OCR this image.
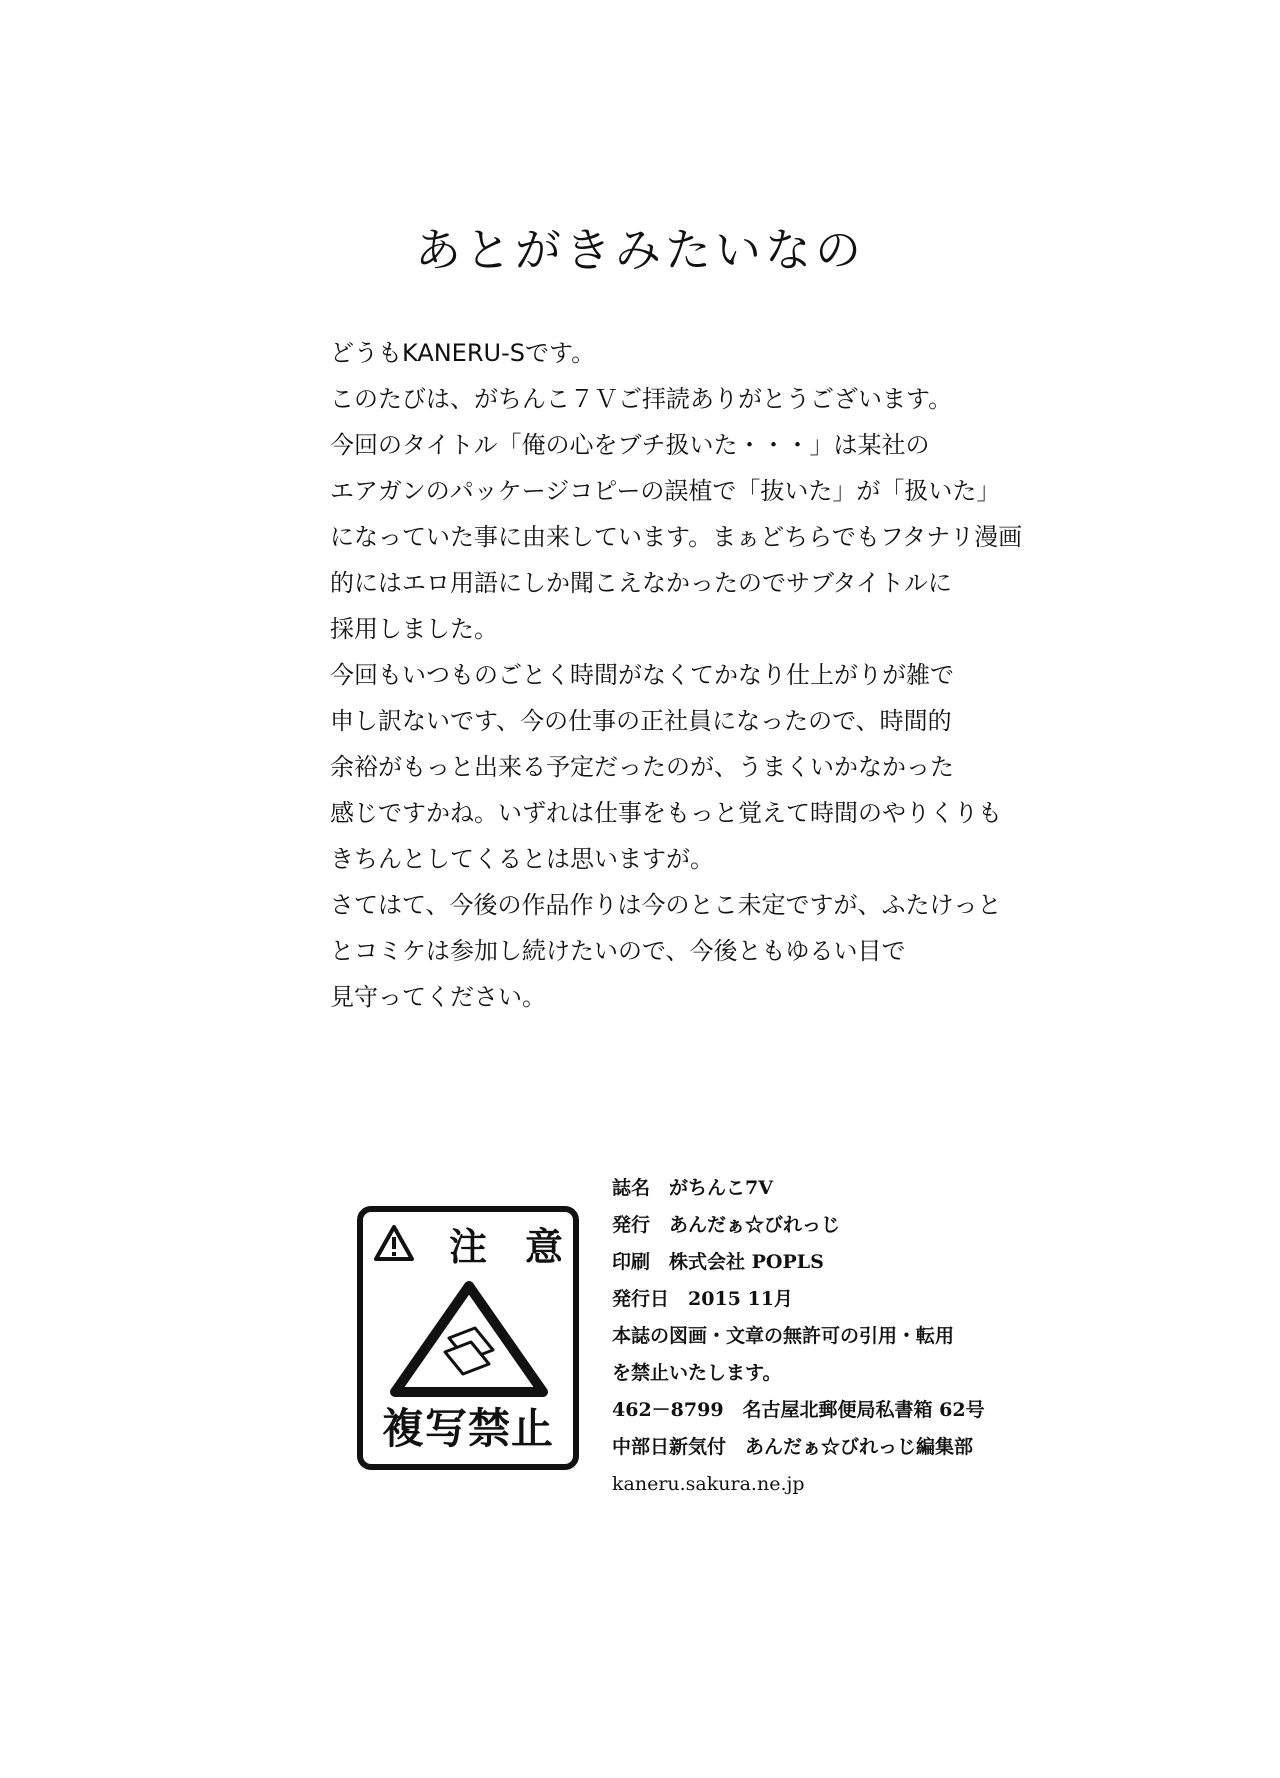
あとがきみたいなの
どうもKANERU-Sです。
このたびは、がちんこ７Ｖご拝読ありがとうございます。
今回のタイトル「俺の心をブチ扱いた・・・」は某社の
エアガンのパッケージコピーの誤植で「抜いた」が「扱いた」
になっていた事に由来しています。まぁどちらでもフタナリ漫画
的にはエロ用語にしか聞こえなかったのでサブタイトルに
採用しました。
今回もいつものごとく時間がなくてかなり仕上がりが雑で
申し訳ないです、今の仕事の正社員になったので、時間的
余裕がもっと出来る予定だったのが、うまくいかなかった
感じですかね。いずれは仕事をもっと覚えて時間のやりくりも
きちんとしてくるとは思いますが。
さてはて、今後の作品作りは今のとこ未定ですが、ふたけっと
とコミケは参加し続けたいので、今後ともゆるい目で
見守ってください。
注　意
複写禁止
誌名　がちんこ7V
発行　あんだぁ☆びれっじ
印刷　株式会社 POPLS
発行日　2015 11月
本誌の図画・文章の無許可の引用・転用
を禁止いたします。
462－8799　名古屋北郵便局私書箱 62号
中部日新気付　あんだぁ☆びれっじ編集部
kaneru.sakura.ne.jp
